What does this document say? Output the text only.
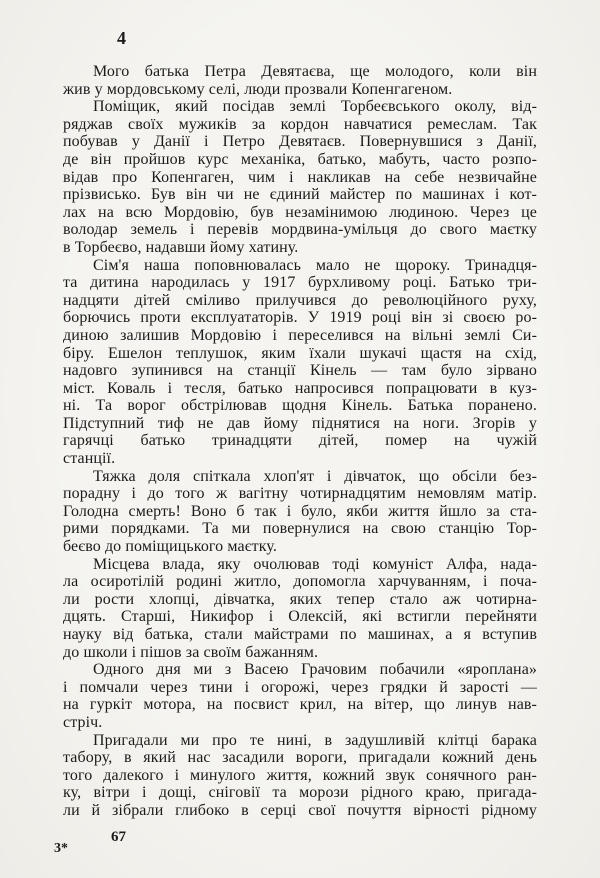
4
Мого батька Петра Девятаєва, ще молодого, коли він
жив у мордовському селі, люди прозвали Копенгагеном.
Поміщик, який посідав землі Торбеєвського околу, від-
ряджав своїх мужиків за кордон навчатися ремеслам. Так
побував у Данії і Петро Девятаєв. Повернувшися з Данії,
де він пройшов курс механіка, батько, мабуть, часто розпо-
відав про Копенгаген, чим і накликав на себе незвичайне
прізвисько. Був він чи не єдиний майстер по машинах і кот-
лах на всю Мордовію, був незамінимою людиною. Через це
володар земель і перевів мордвина-умільця до свого маєтку
в Торбеєво, надавши йому хатину.
Сім'я наша поповнювалась мало не щороку. Тринадця-
та дитина народилась у 1917 бурхливому році. Батько три-
надцяти дітей сміливо прилучився до революційного руху,
борючись проти експлуататорів. У 1919 році він зі своєю ро-
диною залишив Мордовію і переселився на вільні землі Си-
біру. Ешелон теплушок, яким їхали шукачі щастя на схід,
надовго зупинився на станції Кінель — там було зірвано
міст. Коваль і тесля, батько напросився попрацювати в куз-
ні. Та ворог обстрілював щодня Кінель. Батька поранено.
Підступний тиф не дав йому піднятися на ноги. Згорів у
гарячці батько тринадцяти дітей, помер на чужій
станції.
Тяжка доля спіткала хлоп'ят і дівчаток, що обсіли без-
порадну і до того ж вагітну чотирнадцятим немовлям матір.
Голодна смерть! Воно б так і було, якби життя йшло за ста-
рими порядками. Та ми повернулися на свою станцію Тор-
беєво до поміщицького маєтку.
Місцева влада, яку очолював тоді комуніст Алфа, нада-
ла осиротілій родині житло, допомогла харчуванням, і поча-
ли рости хлопці, дівчатка, яких тепер стало аж чотирна-
дцять. Старші, Никифор і Олексій, які встигли перейняти
науку від батька, стали майстрами по машинах, а я вступив
до школи і пішов за своїм бажанням.
Одного дня ми з Васею Грачовим побачили «яроплана»
і помчали через тини і огорожі, через грядки й зарості —
на гуркіт мотора, на посвист крил, на вітер, що линув нав-
стріч.
Пригадали ми про те нині, в задушливій клітці барака
табору, в який нас засадили вороги, пригадали кожний день
того далекого і минулого життя, кожний звук сонячного ран-
ку, вітри і дощі, сніговії та морози рідного краю, пригада-
ли й зібрали глибоко в серці свої почуття вірності рідному
3*
67
